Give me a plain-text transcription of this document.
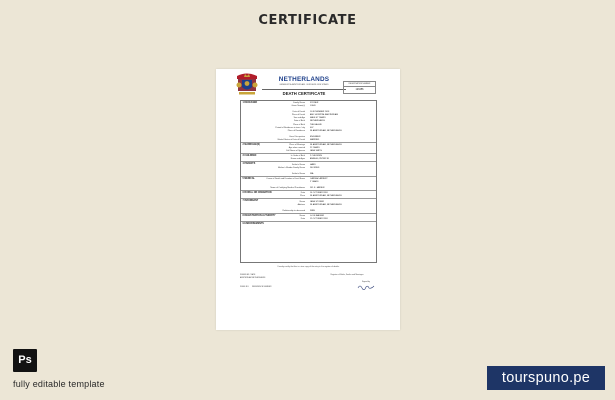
CERTIFICATE
NETHERLANDS
GEMEENTE AMSTERDAM · BURGERLIJKE STAND
DEATH CERTIFICATE
REGISTRATION NUMBER
123456
1 DECEASED	Family Name	STONER
Given Name(s)	JOHN
Date of Death	10 NOVEMBER 2018
Place of Death	AMC HOSPITAL AMSTERDAM
Sex and Age	MALE 67 YEARS
Date of Birth	NETHERLANDS
Place of Birth	THE HAGUE
Period of Residence in town / city	40Y
Place of Residence	NL AMSTERDAM, NETHERLANDS
Usual Occupation	ENGINEER
Marital Status at Date of Death	MARRIED
2 MARRIAGE(S)	Place of Marriage	NL AMSTERDAM, NETHERLANDS
Age when married	25 YEARS
Full Name of Spouse	JANE SMITH
3 CHILDREN	In Order of Birth	2 CHILDREN
Name and Ages	ANNA 40, PETER 38
4 PARENTS	Father's Name	HANS
Mother's Maiden Family Name	DE VRIES
Father's Name	N/A
5 MEDICAL	Cause of Death and Duration of Last Illness	CARDIAC ARREST
2 YEARS
Name of Certifying Medical Practitioner	DR. K. JANSEN
6 BURIAL OR CREMATION	Date	14 OCTOBER 2018
Place	NL AMSTERDAM, NETHERLANDS
7 INFORMANT	Name	JANE STONER
Address	NL AMSTERDAM, NETHERLANDS
Relationship to deceased	WIFE
8 REGISTRATION AUTHORITY	Name	G. DE BAKKER
Date	15 OCTOBER 2018
9 ENDORSEMENTS
I hereby certify that this is a true copy of the entry in the register of deaths.
ISSUED AT / DATE
AMSTERDAM NETHERLANDS
Registrar of Births, Deaths and Marriages
ISSUE NO. REFERENCE NUMBER
Signed by
Ps
fully editable template	tourspuno.pe
